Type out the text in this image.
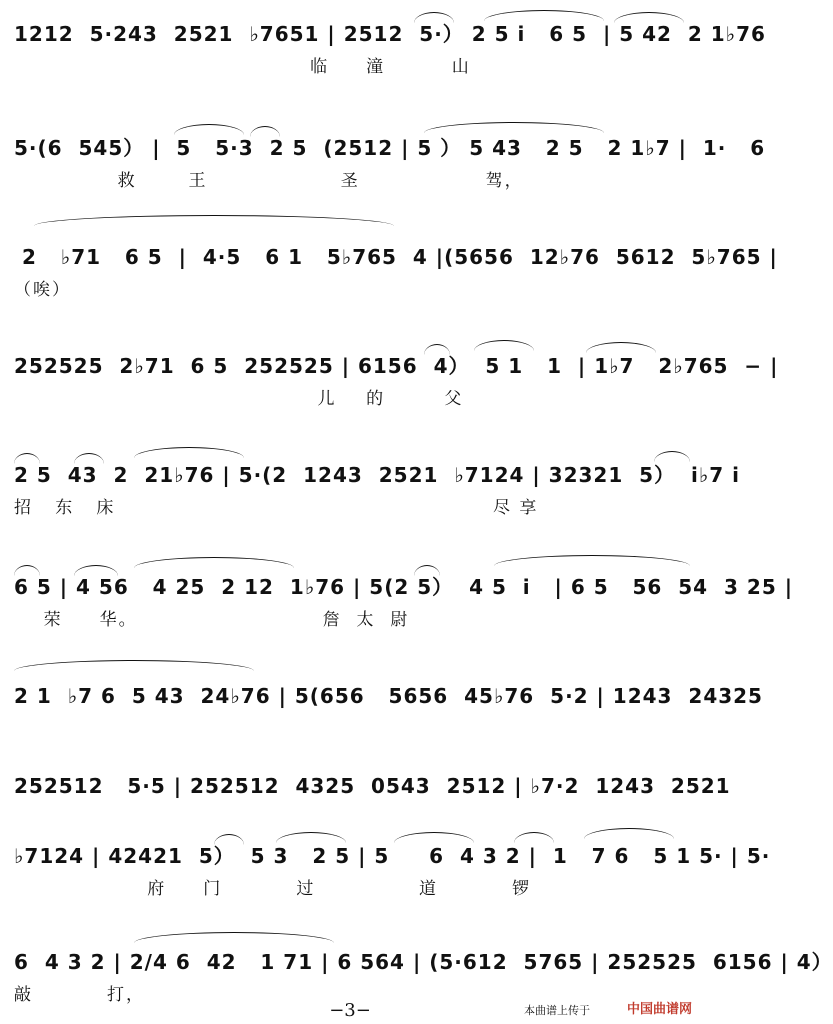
1212  5·243  2521  ♭7651 | 2512  5·） 2 5 i   6 5  | 5 42  2 1♭76
临     潼         山
5·(6  545） |  5   5·3  2 5  (2512 | 5 ） 5 43   2 5   2 1♭7 |  1·   6
救       王                  圣                 驾，
2   ♭71   6 5  |  4·5   6 1   5♭765  4 |(5656  12♭76  5612  5♭765 |
（唉）
252525  2♭71  6 5  252525 | 6156  4）  5 1   1  | 1♭7   2♭765  − |
儿    的        父
2 5  43  2  21♭76 | 5·(2  1243  2521  ♭7124 | 32321  5）  i♭7 i
招   东   床                                                   尽 享
6 5 | 4 56   4 25  2 12  1♭76 | 5(2 5）  4 5  i   | 6 5   56  54  3 25 |
荣     华。                         詹  太  尉
2 1  ♭7 6  5 43  24♭76 | 5(656   5656  45♭76  5·2 | 1243  24325
252512   5·5 | 252512  4325  0543  2512 | ♭7·2  1243  2521
♭7124 | 42421  5）  5 3   2 5 | 5     6  4 3 2 |  1   7 6   5 1 5· | 5·
府     门          过              道          锣
6  4 3 2 | 2/4 6  42   1 71 | 6 564 | (5·612  5765 | 252525  6156 | 4）
敲          打，
−3−	本曲谱上传于	中国曲谱网
